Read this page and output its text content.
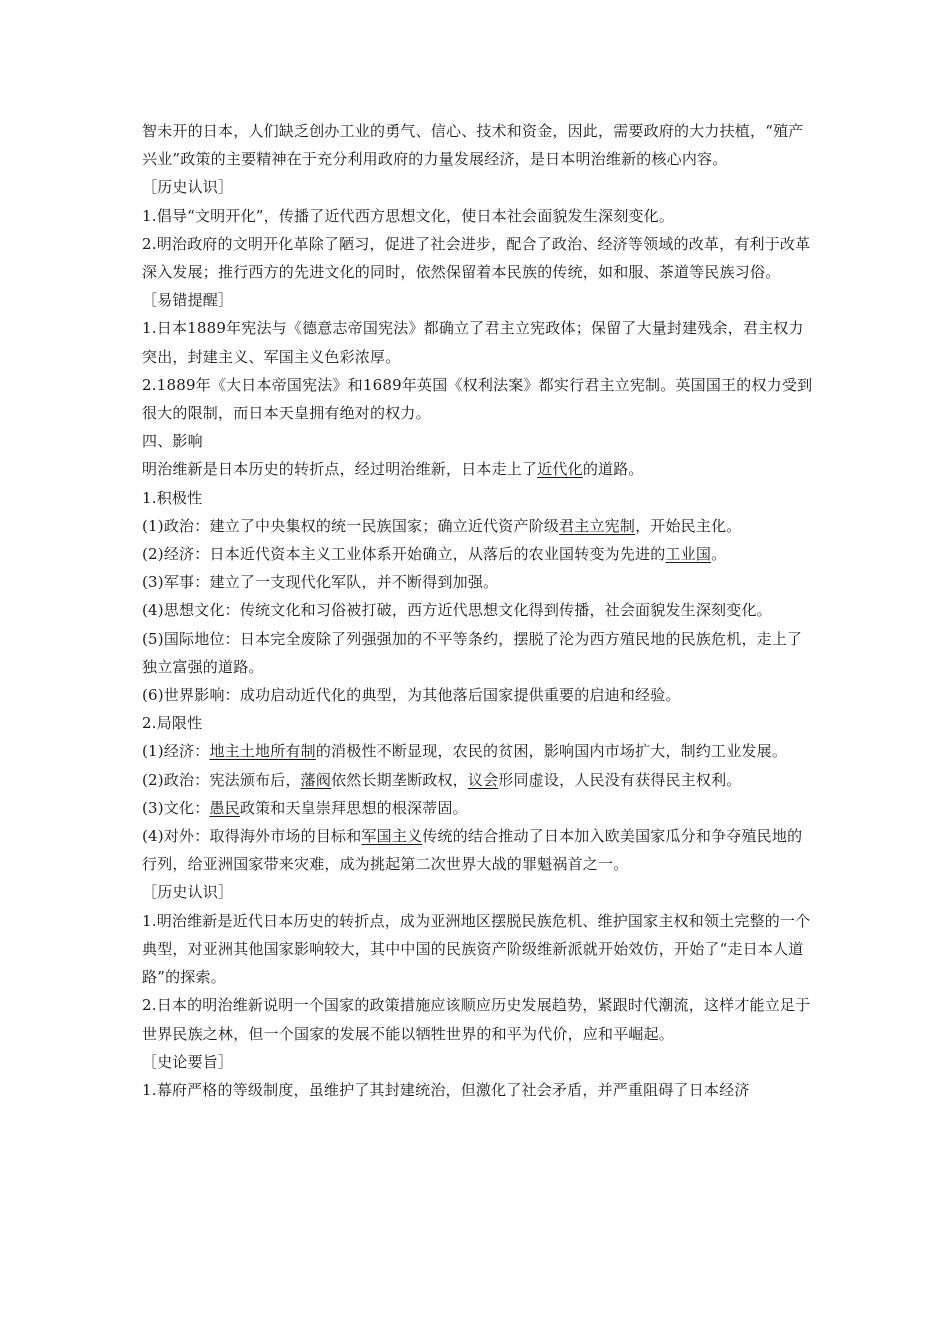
智未开的日本，人们缺乏创办工业的勇气、信心、技术和资金，因此，需要政府的大力扶植，“殖产兴业”政策的主要精神在于充分利用政府的力量发展经济，是日本明治维新的核心内容。
［历史认识］
1.倡导“文明开化”，传播了近代西方思想文化，使日本社会面貌发生深刻变化。
2.明治政府的文明开化革除了陋习，促进了社会进步，配合了政治、经济等领域的改革，有利于改革深入发展；推行西方的先进文化的同时，依然保留着本民族的传统，如和服、茶道等民族习俗。
［易错提醒］
1.日本1889年宪法与《德意志帝国宪法》都确立了君主立宪政体；保留了大量封建残余，君主权力突出，封建主义、军国主义色彩浓厚。
2.1889年《大日本帝国宪法》和1689年英国《权利法案》都实行君主立宪制。英国国王的权力受到很大的限制，而日本天皇拥有绝对的权力。
四、影响
明治维新是日本历史的转折点，经过明治维新，日本走上了近代化的道路。
1.积极性
(1)政治：建立了中央集权的统一民族国家；确立近代资产阶级君主立宪制，开始民主化。
(2)经济：日本近代资本主义工业体系开始确立，从落后的农业国转变为先进的工业国。
(3)军事：建立了一支现代化军队，并不断得到加强。
(4)思想文化：传统文化和习俗被打破，西方近代思想文化得到传播，社会面貌发生深刻变化。
(5)国际地位：日本完全废除了列强强加的不平等条约，摆脱了沦为西方殖民地的民族危机，走上了独立富强的道路。
(6)世界影响：成功启动近代化的典型，为其他落后国家提供重要的启迪和经验。
2.局限性
(1)经济：地主土地所有制的消极性不断显现，农民的贫困，影响国内市场扩大，制约工业发展。
(2)政治：宪法颁布后，藩阀依然长期垄断政权，议会形同虚设，人民没有获得民主权利。
(3)文化：愚民政策和天皇崇拜思想的根深蒂固。
(4)对外：取得海外市场的目标和军国主义传统的结合推动了日本加入欧美国家瓜分和争夺殖民地的行列，给亚洲国家带来灾难，成为挑起第二次世界大战的罪魁祸首之一。
［历史认识］
1.明治维新是近代日本历史的转折点，成为亚洲地区摆脱民族危机、维护国家主权和领土完整的一个典型，对亚洲其他国家影响较大，其中中国的民族资产阶级维新派就开始效仿，开始了“走日本人道路”的探索。
2.日本的明治维新说明一个国家的政策措施应该顺应历史发展趋势，紧跟时代潮流，这样才能立足于世界民族之林，但一个国家的发展不能以牺牲世界的和平为代价，应和平崛起。
［史论要旨］
1.幕府严格的等级制度，虽维护了其封建统治，但激化了社会矛盾，并严重阻碍了日本经济
